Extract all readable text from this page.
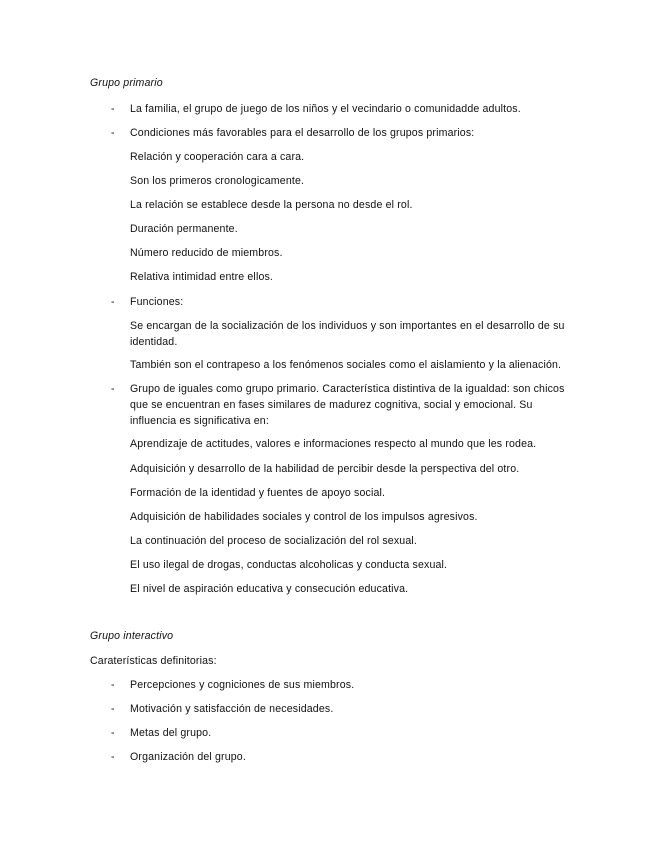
Grupo primario
- La familia, el grupo de juego de los niños y el vecindario o comunidadde adultos.
- Condiciones más favorables para el desarrollo de los grupos primarios:
Relación y cooperación cara a cara.
Son los primeros cronologicamente.
La relación se establece desde la persona no desde el rol.
Duración permanente.
Número reducido de miembros.
Relativa intimidad entre ellos.
- Funciones:
Se encargan de la socialización de los individuos y son importantes en el desarrollo de su identidad.
También son el contrapeso a los fenómenos sociales como el aislamiento y la alienación.
- Grupo de iguales como grupo primario. Característica distintiva de la igualdad: son chicos que se encuentran en fases similares de madurez cognitiva, social y emocional. Su influencia es significativa en:
Aprendizaje de actitudes, valores e informaciones respecto al mundo que les rodea.
Adquisición y desarrollo de la habilidad de percibir desde la perspectiva del otro.
Formación de la identidad y fuentes de apoyo social.
Adquisición de habilidades sociales y control de los impulsos agresivos.
La continuación del proceso de socialización del rol sexual.
El uso ilegal de drogas, conductas alcoholicas y conducta sexual.
El nivel de aspiración educativa y consecución educativa.
Grupo interactivo
Caraterísticas definitorias:
- Percepciones y cogniciones de sus miembros.
- Motivación y satisfacción de necesidades.
- Metas del grupo.
- Organización del grupo.
